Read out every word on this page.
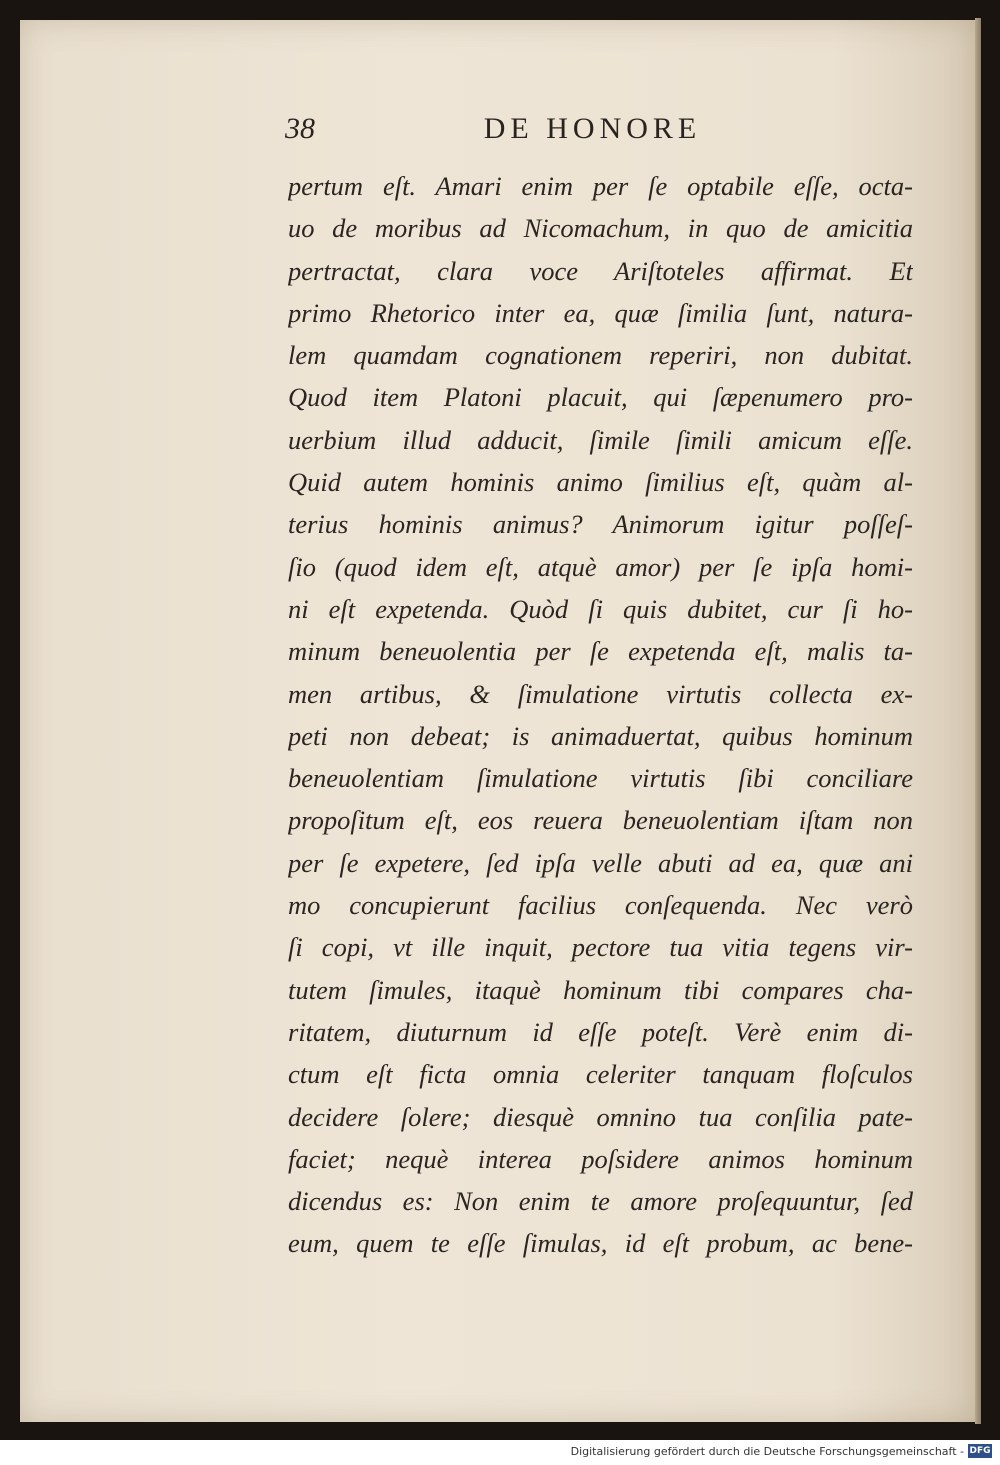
38	DE HONORE
pertum eſt. Amari enim per ſe optabile eſſe, octa-
uo de moribus ad Nicomachum, in quo de amicitia
pertractat, clara voce Ariſtoteles affirmat. Et
primo Rhetorico inter ea, quæ ſimilia ſunt, natura-
lem quamdam cognationem reperiri, non dubitat.
Quod item Platoni placuit, qui ſæpenumero pro-
uerbium illud adducit, ſimile ſimili amicum eſſe.
Quid autem hominis animo ſimilius eſt, quàm al-
terius hominis animus? Animorum igitur poſſeſ-
ſio (quod idem eſt, atquè amor) per ſe ipſa homi-
ni eſt expetenda. Quòd ſi quis dubitet, cur ſi ho-
minum beneuolentia per ſe expetenda eſt, malis ta-
men artibus, & ſimulatione virtutis collecta ex-
peti non debeat; is animaduertat, quibus hominum
beneuolentiam ſimulatione virtutis ſibi conciliare
propoſitum eſt, eos reuera beneuolentiam iſtam non
per ſe expetere, ſed ipſa velle abuti ad ea, quæ ani
mo concupierunt facilius conſequenda. Nec verò
ſi copi, vt ille inquit, pectore tua vitia tegens vir-
tutem ſimules, itaquè hominum tibi compares cha-
ritatem, diuturnum id eſſe poteſt. Verè enim di-
ctum eſt ficta omnia celeriter tanquam floſculos
decidere ſolere; diesquè omnino tua conſilia pate-
faciet; nequè interea poſsidere animos hominum
dicendus es: Non enim te amore proſequuntur, ſed
eum, quem te eſſe ſimulas, id eſt probum, ac bene-
Digitalisierung gefördert durch die Deutsche Forschungsgemeinschaft - DFG
